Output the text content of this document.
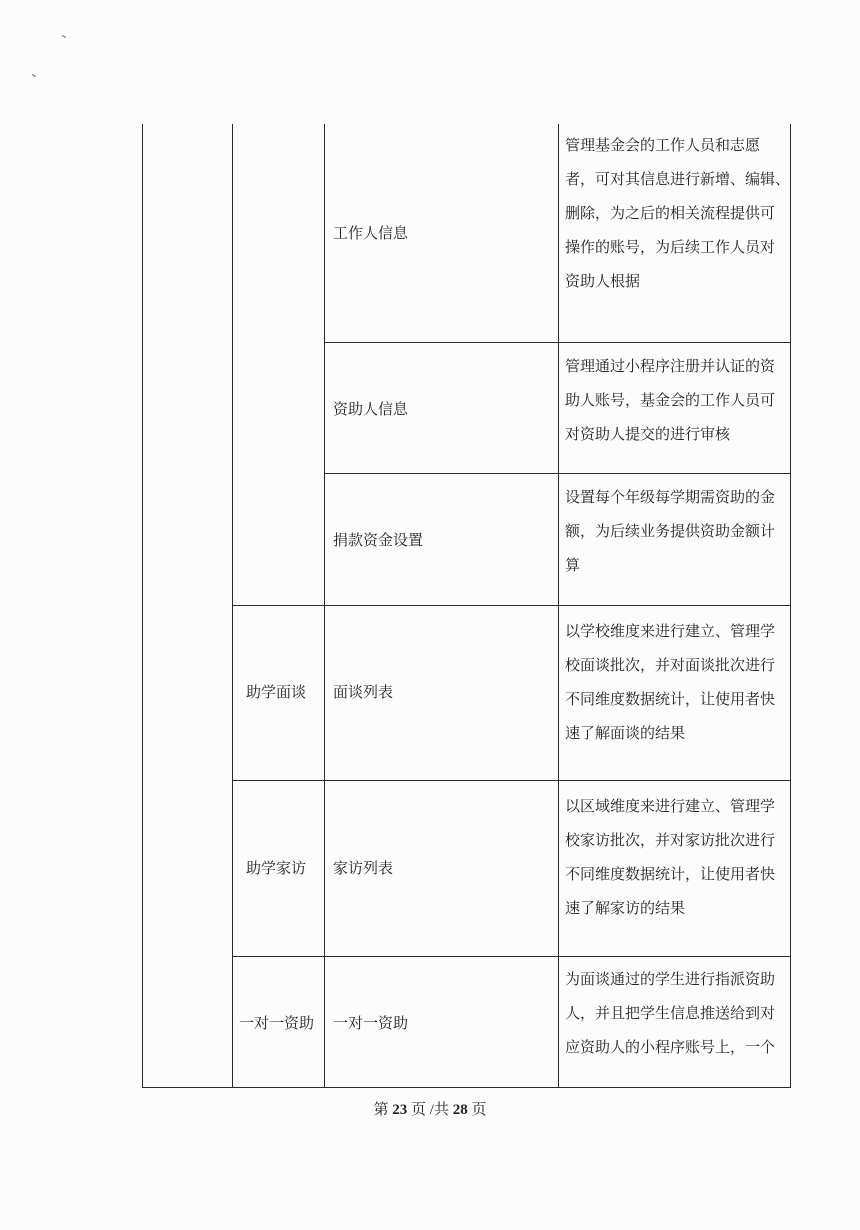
工作人信息
管理基金会的工作人员和志愿
者，可对其信息进行新增、编辑、
删除，为之后的相关流程提供可
操作的账号，为后续工作人员对
资助人根据
资助人信息
管理通过小程序注册并认证的资
助人账号，基金会的工作人员可
对资助人提交的进行审核
捐款资金设置
设置每个年级每学期需资助的金
额，为后续业务提供资助金额计
算
助学面谈 面谈列表
以学校维度来进行建立、管理学
校面谈批次，并对面谈批次进行
不同维度数据统计，让使用者快
速了解面谈的结果
助学家访 家访列表
以区域维度来进行建立、管理学
校家访批次，并对家访批次进行
不同维度数据统计，让使用者快
速了解家访的结果
一对一资助 一对一资助
为面谈通过的学生进行指派资助
人，并且把学生信息推送给到对
应资助人的小程序账号上，一个
第 23 页 /共 28 页
